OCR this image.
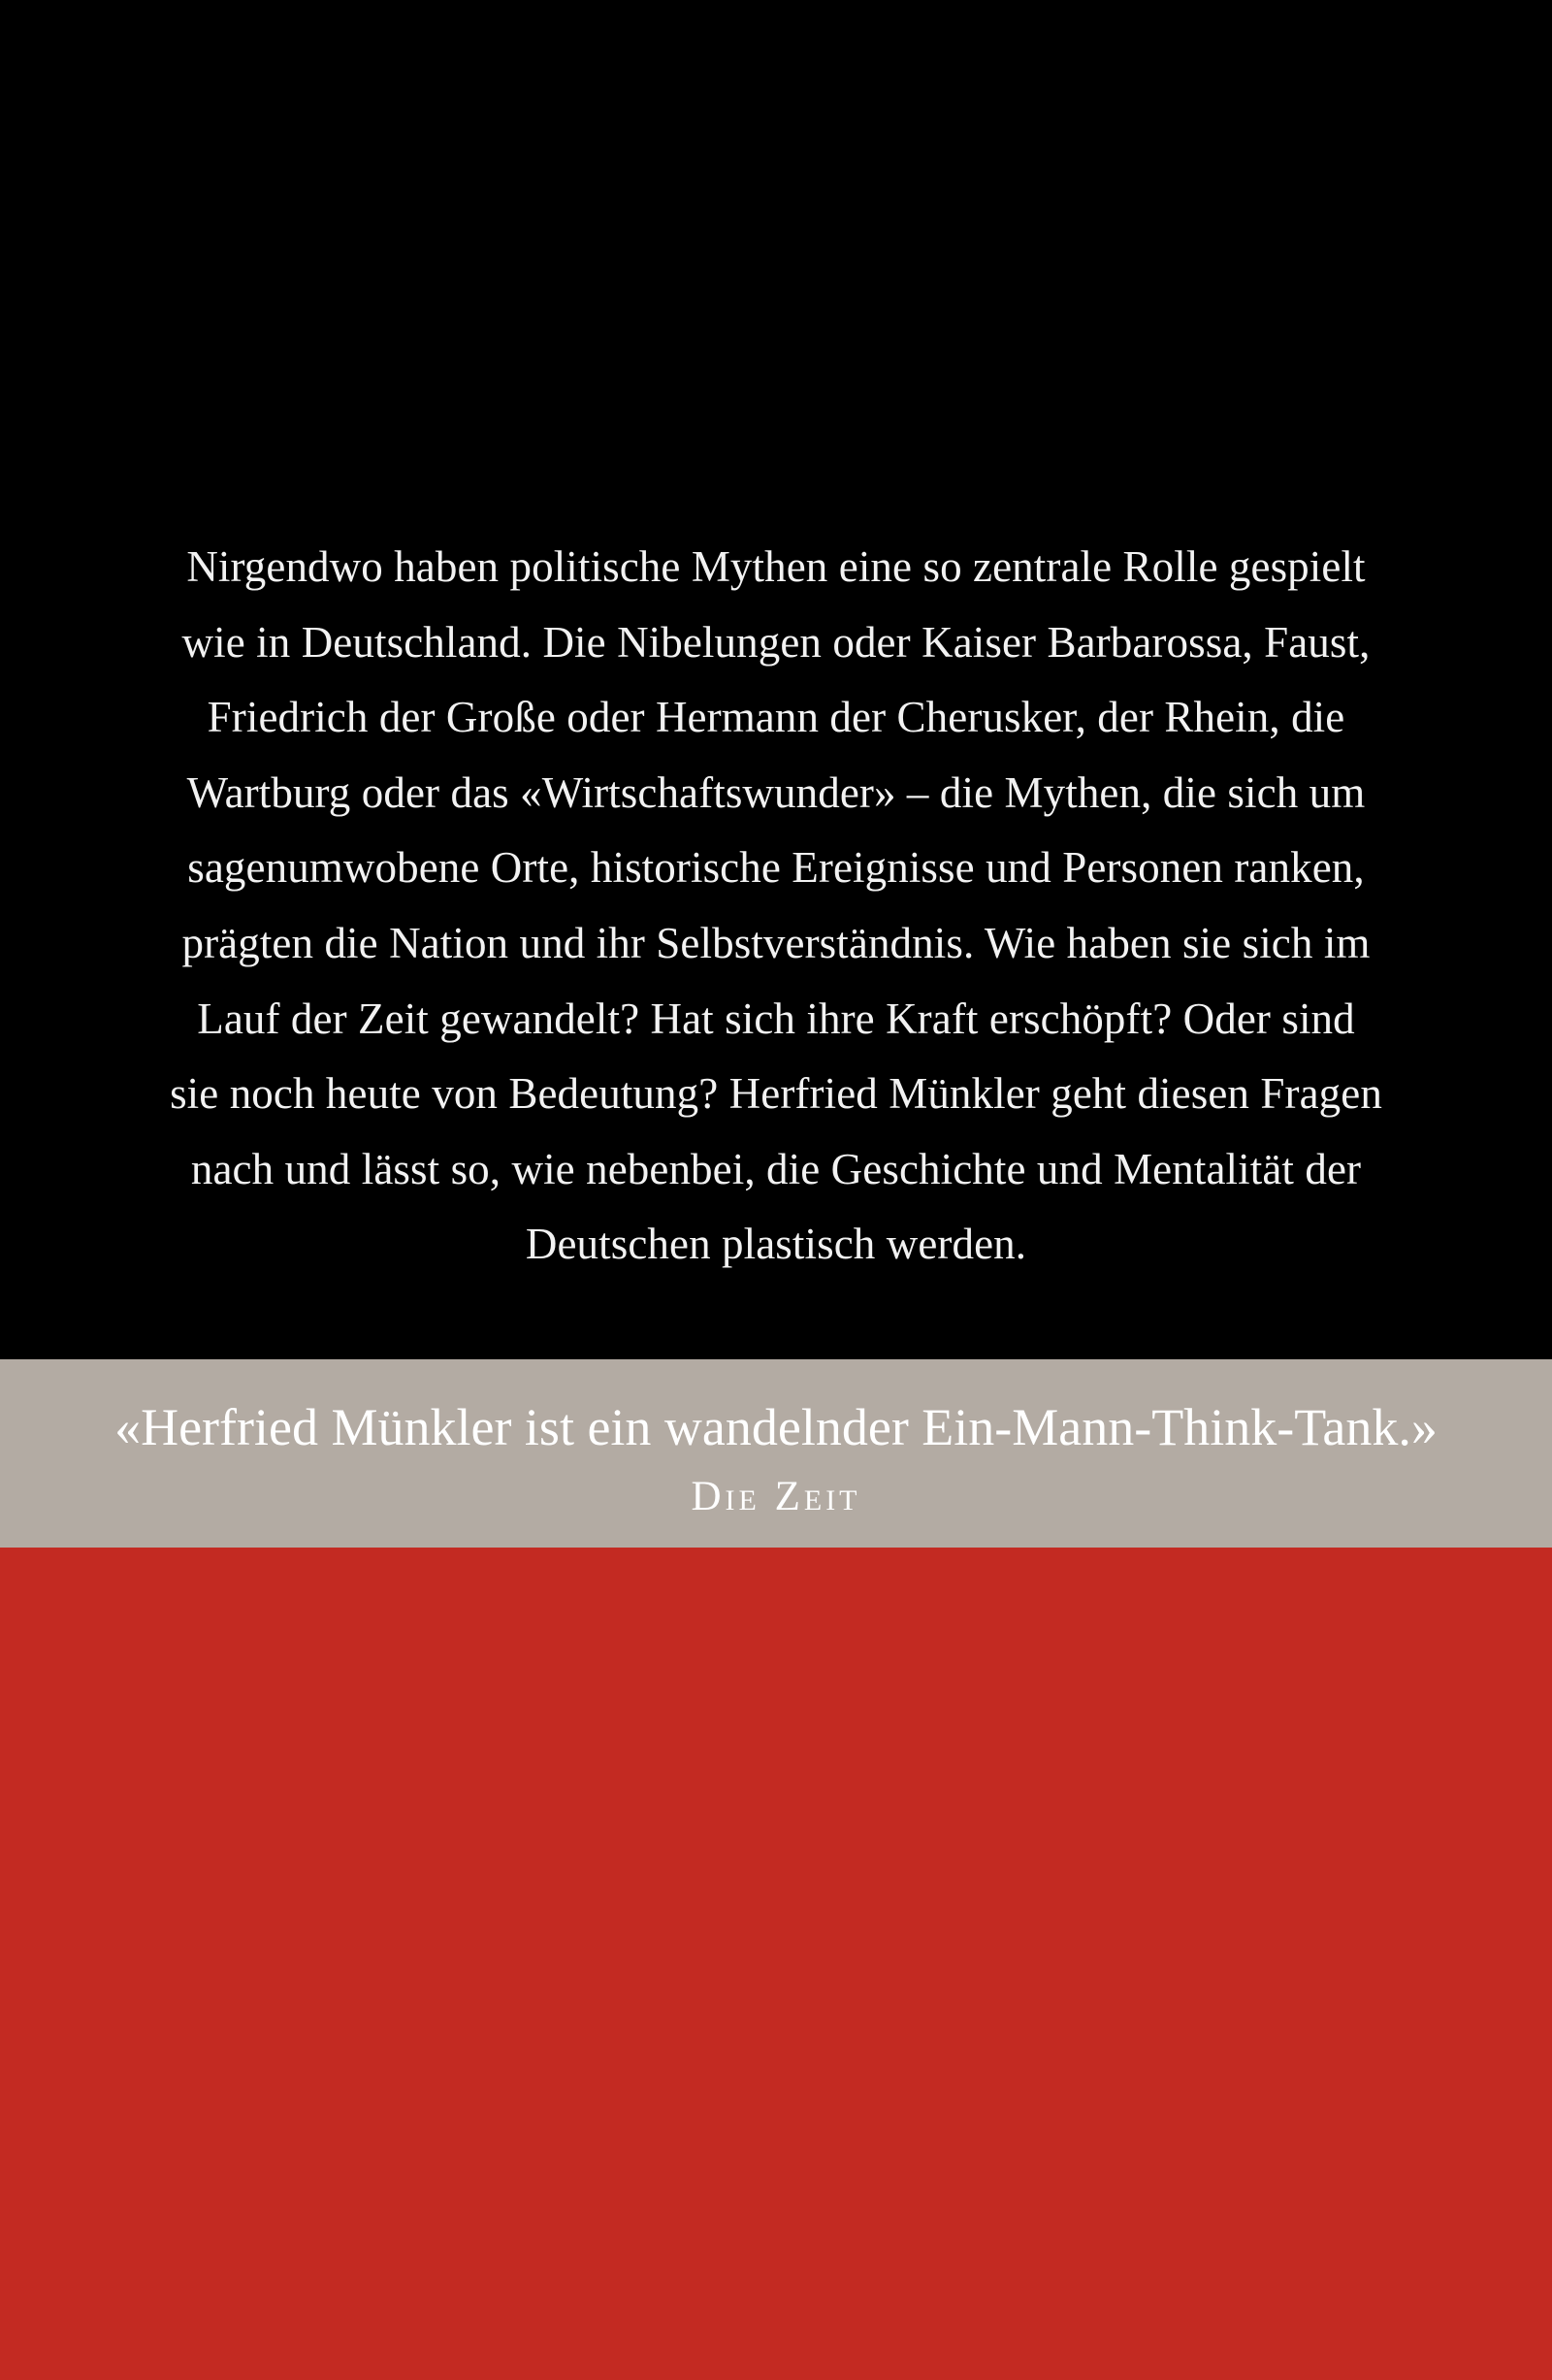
Nirgendwo haben politische Mythen eine so zentrale Rolle gespielt
wie in Deutschland. Die Nibelungen oder Kaiser Barbarossa, Faust,
Friedrich der Große oder Hermann der Cherusker, der Rhein, die
Wartburg oder das «Wirtschaftswunder» – die Mythen, die sich um
sagenumwobene Orte, historische Ereignisse und Personen ranken,
prägten die Nation und ihr Selbstverständnis. Wie haben sie sich im
Lauf der Zeit gewandelt? Hat sich ihre Kraft erschöpft? Oder sind
sie noch heute von Bedeutung? Herfried Münkler geht diesen Fragen
nach und lässt so, wie nebenbei, die Geschichte und Mentalität der
Deutschen plastisch werden.
«Herfried Münkler ist ein wandelnder Ein-Mann-Think-Tank.»
Die Zeit
